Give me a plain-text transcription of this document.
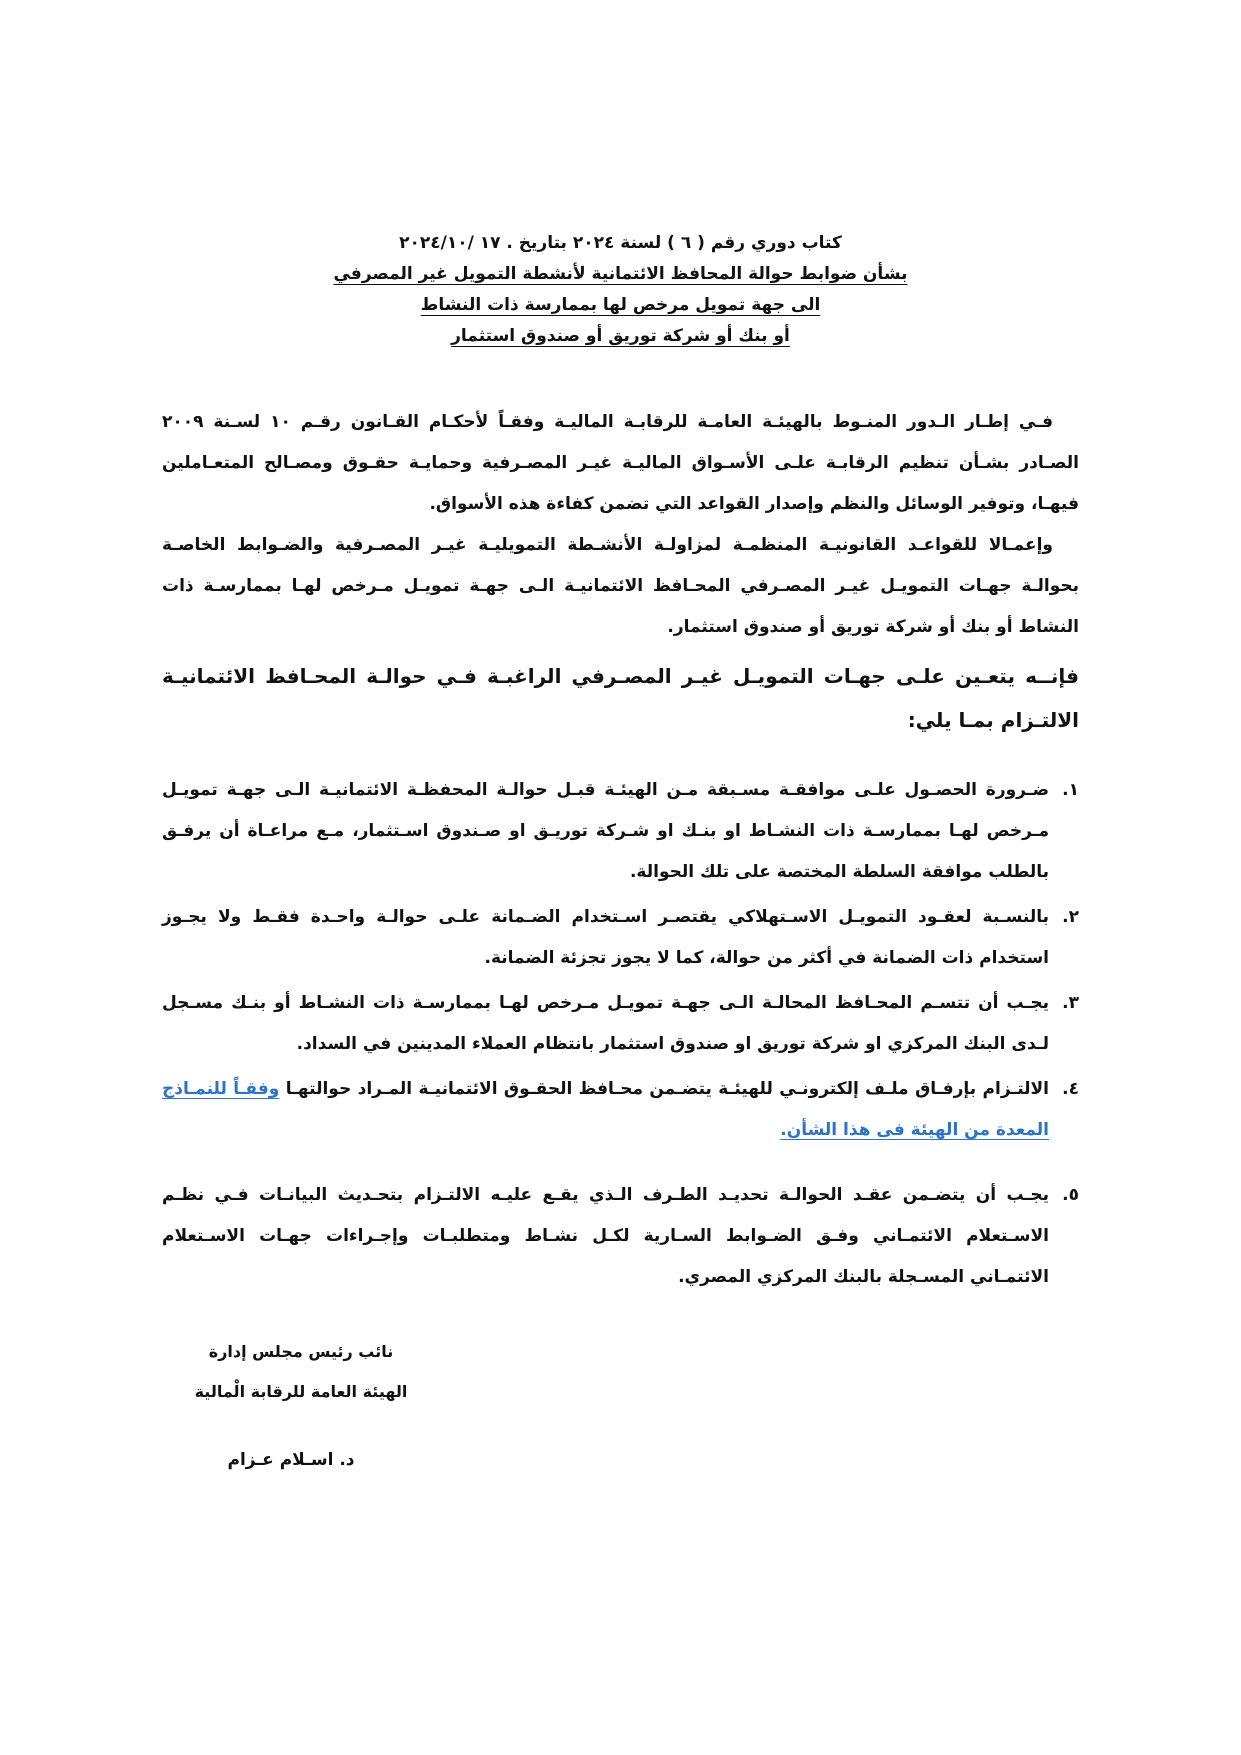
كتاب دوري رقم ( ٦ ) لسنة ٢٠٢٤ بتاريخ . ١٧ /٢٠٢٤/١٠
بشأن ضوابط حوالة المحافظ الائتمانية لأنشطة التمويل غير المصرفي
الى جهة تمويل مرخص لها بممارسة ذات النشاط
أو بنك أو شركة توريق أو صندوق استثمار

فـي إطـار الـدور المنـوط بالهيئـة العامـة للرقابـة الماليـة وفقـاً لأحكـام القـانون رقـم ١٠ لسـنة ٢٠٠٩ الصـادر بشـأن تنظيم الرقابـة علـى الأسـواق الماليـة غيـر المصـرفية وحمايـة حقـوق ومصـالح المتعـاملين فيهـا، وتوفير الوسائل والنظم وإصدار القواعد التي تضمن كفاءة هذه الأسواق.

وإعمـالا للقواعـد القانونيـة المنظمـة لمزاولـة الأنشـطة التمويليـة غيـر المصـرفية والضـوابط الخاصـة بحوالـة جهـات التمويـل غيـر المصـرفي المحـافظ الائتمانيـة الـى جهـة تمويـل مـرخص لهـا بممارسـة ذات النشاط أو بنك أو شركة توريق أو صندوق استثمار.

فإنــه يتعـين علـى جهـات التمويـل غيـر المصـرفي الراغبـة فـي حوالـة المحـافظ الائتمانيـة الالتـزام بمـا يلي:

١.
ضـرورة الحصـول علـى موافقـة مسـبقة مـن الهيئـة قبـل حوالـة المحفظـة الائتمانيـة الـى جهـة تمويـل مـرخص لهـا بممارسـة ذات النشـاط او بنـك او شـركة توريـق او صـندوق اسـتثمار، مـع مراعـاة أن يرفـق بالطلب موافقة السلطة المختصة على تلك الحوالة.
٢.
بالنسـبة لعقـود التمويـل الاسـتهلاكي يقتصـر اسـتخدام الضـمانة علـى حوالـة واحـدة فقـط ولا يجـوز استخدام ذات الضمانة في أكثر من حوالة، كما لا يجوز تجزئة الضمانة.
٣.
يجـب أن تتسـم المحـافظ المحالـة الـى جهـة تمويـل مـرخص لهـا بممارسـة ذات النشـاط أو بنـك مسـجل لـدى البنك المركزي او شركة توريق او صندوق استثمار بانتظام العملاء المدينين في السداد.
٤.
الالتـزام بإرفـاق ملـف إلكترونـي للهيئـة يتضـمن محـافظ الحقـوق الائتمانيـة المـراد حوالتهـا وفقـاً للنمـاذج المعدة من الهيئة فى هذا الشأن.
٥.
يجـب أن يتضـمن عقـد الحوالـة تحديـد الطـرف الـذي يقـع عليـه الالتـزام بتحـديث البيانـات فـي نظـم الاسـتعلام الائتمـاني وفـق الضـوابط السـارية لكـل نشـاط ومتطلبـات وإجـراءات جهـات الاسـتعلام الائتمـاني المسـجلة بالبنك المركزي المصري.
نائب رئيس مجلس إدارة
الهيئة العامة للرقابة الْمالية
د. اسـلام عـزام
